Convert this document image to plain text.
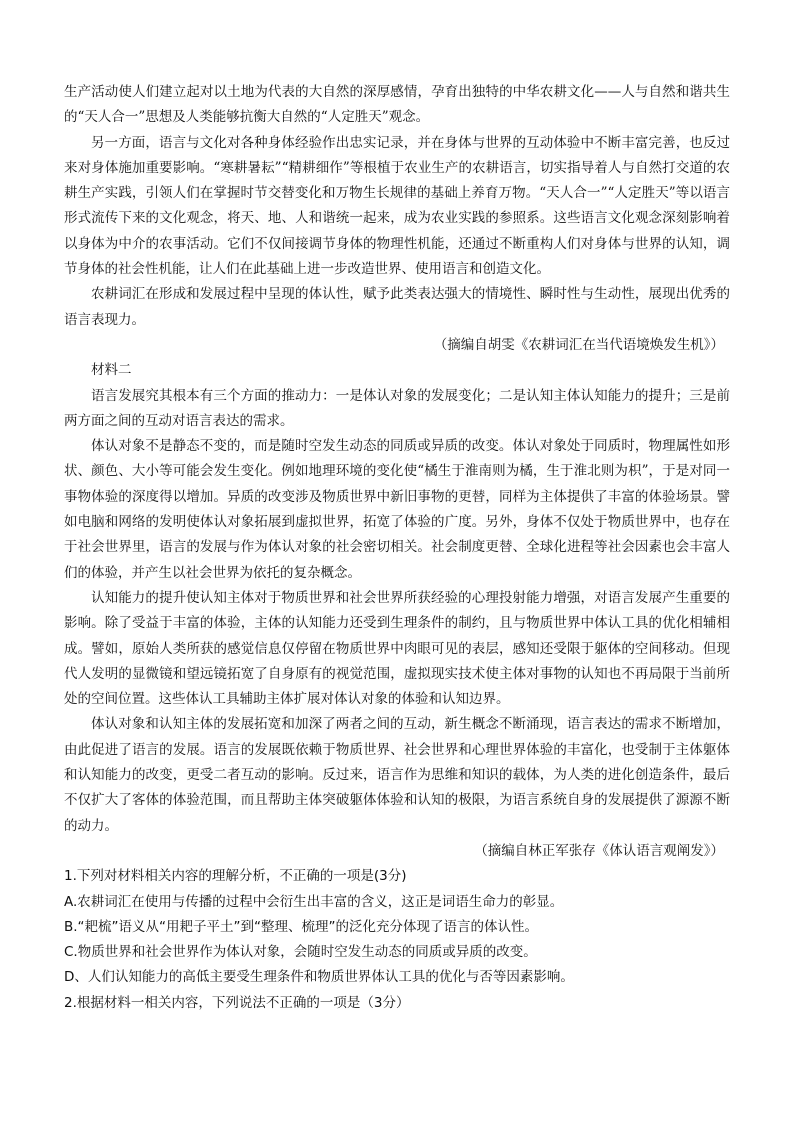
生产活动使人们建立起对以土地为代表的大自然的深厚感情，孕育出独特的中华农耕文化——人与自然和谐共生的“天人合一”思想及人类能够抗衡大自然的“人定胜天”观念。

另一方面，语言与文化对各种身体经验作出忠实记录，并在身体与世界的互动体验中不断丰富完善，也反过来对身体施加重要影响。“寒耕暑耘”“精耕细作”等根植于农业生产的农耕语言，切实指导着人与自然打交道的农耕生产实践，引领人们在掌握时节交替变化和万物生长规律的基础上养育万物。“天人合一”“人定胜天”等以语言形式流传下来的文化观念，将天、地、人和谐统一起来，成为农业实践的参照系。这些语言文化观念深刻影响着以身体为中介的农事活动。它们不仅间接调节身体的物理性机能，还通过不断重构人们对身体与世界的认知，调节身体的社会性机能，让人们在此基础上进一步改造世界、使用语言和创造文化。

农耕词汇在形成和发展过程中呈现的体认性，赋予此类表达强大的情境性、瞬时性与生动性，展现出优秀的语言表现力。

（摘编自胡雯《农耕词汇在当代语境焕发生机》）

材料二

语言发展究其根本有三个方面的推动力：一是体认对象的发展变化；二是认知主体认知能力的提升；三是前两方面之间的互动对语言表达的需求。

体认对象不是静态不变的，而是随时空发生动态的同质或异质的改变。体认对象处于同质时，物理属性如形状、颜色、大小等可能会发生变化。例如地理环境的变化使“橘生于淮南则为橘，生于淮北则为枳”，于是对同一事物体验的深度得以增加。异质的改变涉及物质世界中新旧事物的更替，同样为主体提供了丰富的体验场景。譬如电脑和网络的发明使体认对象拓展到虚拟世界，拓宽了体验的广度。另外，身体不仅处于物质世界中，也存在于社会世界里，语言的发展与作为体认对象的社会密切相关。社会制度更替、全球化进程等社会因素也会丰富人们的体验，并产生以社会世界为依托的复杂概念。

认知能力的提升使认知主体对于物质世界和社会世界所获经验的心理投射能力增强，对语言发展产生重要的影响。除了受益于丰富的体验，主体的认知能力还受到生理条件的制约，且与物质世界中体认工具的优化相辅相成。譬如，原始人类所获的感觉信息仅停留在物质世界中肉眼可见的表层，感知还受限于躯体的空间移动。但现代人发明的显微镜和望远镜拓宽了自身原有的视觉范围，虚拟现实技术使主体对事物的认知也不再局限于当前所处的空间位置。这些体认工具辅助主体扩展对体认对象的体验和认知边界。

体认对象和认知主体的发展拓宽和加深了两者之间的互动，新生概念不断涌现，语言表达的需求不断增加，由此促进了语言的发展。语言的发展既依赖于物质世界、社会世界和心理世界体验的丰富化，也受制于主体躯体和认知能力的改变，更受二者互动的影响。反过来，语言作为思维和知识的载体，为人类的进化创造条件，最后不仅扩大了客体的体验范围，而且帮助主体突破躯体体验和认知的极限，为语言系统自身的发展提供了源源不断的动力。

（摘编自林正军张存《体认语言观阐发》）

1.下列对材料相关内容的理解分析，不正确的一项是(3分)

A.农耕词汇在使用与传播的过程中会衍生出丰富的含义，这正是词语生命力的彰显。

B.“耙梳”语义从“用耙子平土”到“整理、梳理”的泛化充分体现了语言的体认性。

C.物质世界和社会世界作为体认对象，会随时空发生动态的同质或异质的改变。

D、人们认知能力的高低主要受生理条件和物质世界体认工具的优化与否等因素影响。

2.根据材料一相关内容，下列说法不正确的一项是（3分）
